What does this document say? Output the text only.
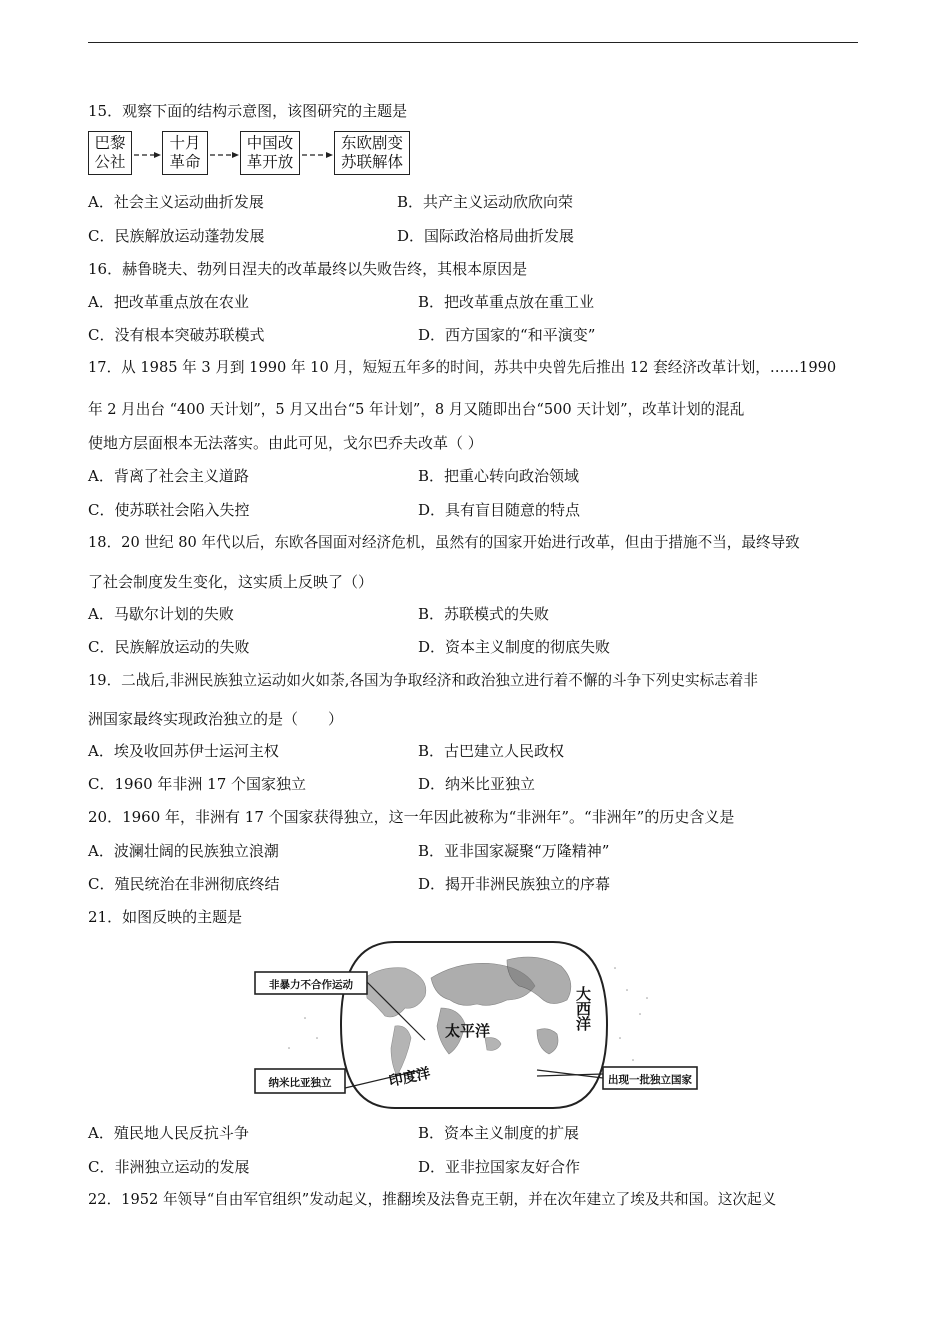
15．观察下面的结构示意图，该图研究的主题是
巴黎
公社
十月
革命
中国改
革开放
东欧剧变
苏联解体
A．社会主义运动曲折发展	B．共产主义运动欣欣向荣
C．民族解放运动蓬勃发展	D．国际政治格局曲折发展
16．赫鲁晓夫、勃列日涅夫的改革最终以失败告终，其根本原因是
A．把改革重点放在农业	B．把改革重点放在重工业
C．没有根本突破苏联模式	D．西方国家的“和平演变”
17．从 1985 年 3 月到 1990 年 10 月，短短五年多的时间，苏共中央曾先后推出 12 套经济改革计划，……1990
年 2 月出台 “400 天计划”，5 月又出台“5 年计划”，8 月又随即出台“500 天计划”，改革计划的混乱
使地方层面根本无法落实。由此可见，戈尔巴乔夫改革（ ）
A．背离了社会主义道路	B．把重心转向政治领域
C．使苏联社会陷入失控	D．具有盲目随意的特点
18．20 世纪 80 年代以后，东欧各国面对经济危机，虽然有的国家开始进行改革，但由于措施不当，最终导致
了社会制度发生变化，这实质上反映了（）
A．马歇尔计划的失败	B．苏联模式的失败
C．民族解放运动的失败	D．资本主义制度的彻底失败
19．二战后,非洲民族独立运动如火如荼,各国为争取经济和政治独立进行着不懈的斗争下列史实标志着非
洲国家最终实现政治独立的是（　　）
A．埃及收回苏伊士运河主权	B．古巴建立人民政权
C．1960 年非洲 17 个国家独立	D．纳米比亚独立
20．1960 年，非洲有 17 个国家获得独立，这一年因此被称为“非洲年”。“非洲年”的历史含义是
A．波澜壮阔的民族独立浪潮	B．亚非国家凝聚“万隆精神”
C．殖民统治在非洲彻底终结	D．揭开非洲民族独立的序幕
21．如图反映的主题是
非暴力不合作运动
纳米比亚独立	出现一批独立国家
太平洋
印度洋
大西洋
A．殖民地人民反抗斗争	B．资本主义制度的扩展
C．非洲独立运动的发展	D．亚非拉国家友好合作
22．1952 年领导“自由军官组织”发动起义，推翻埃及法鲁克王朝，并在次年建立了埃及共和国。这次起义
